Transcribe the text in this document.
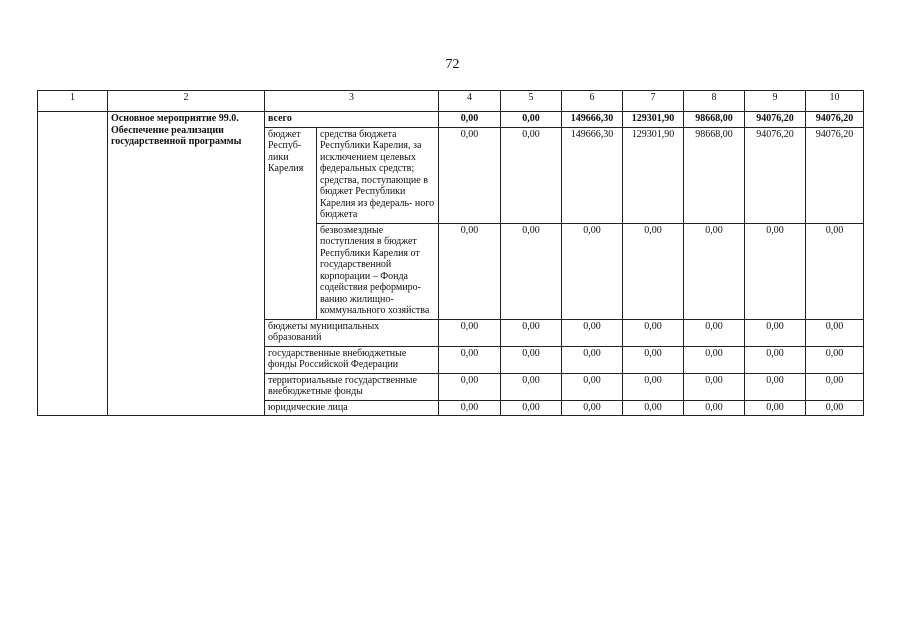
72
1	2	3		4	5	6	7	8	9	10
	Основное мероприятие 99.0. Обеспечение реализации государственной программы	всего		0,00	0,00	149666,30	129301,90	98668,00	94076,20	94076,20
		бюджет Респуб- лики Карелия	средства бюджета Республики Карелия, за исключением целевых федеральных средств; средства, поступающие в бюджет Республики Карелия из федераль- ного бюджета	0,00	0,00	149666,30	129301,90	98668,00	94076,20	94076,20
			безвозмездные поступления в бюджет Республики Карелия от государственной корпорации – Фонда содействия реформиро- ванию жилищно- коммунального хозяйства	0,00	0,00	0,00	0,00	0,00	0,00	0,00
		бюджеты муниципальных образований		0,00	0,00	0,00	0,00	0,00	0,00	0,00
		государственные внебюджетные фонды Российской Федерации		0,00	0,00	0,00	0,00	0,00	0,00	0,00
		территориальные государственные внебюджетные фонды		0,00	0,00	0,00	0,00	0,00	0,00	0,00
		юридические лица		0,00	0,00	0,00	0,00	0,00	0,00	0,00
